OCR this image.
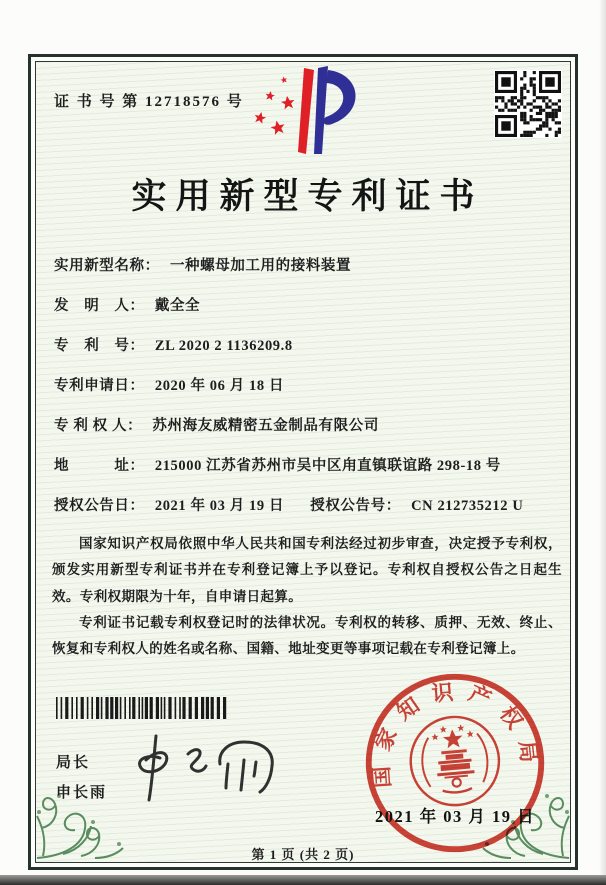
证 书 号 第 12718576 号
实用新型专利证书
实用新型名称： 一种螺母加工用的接料装置
发　明　人： 戴全全
专　利　号： ZL 2020 2 1136209.8
专利申请日： 2020 年 06 月 18 日
专 利 权 人： 苏州海友威精密五金制品有限公司
地　　　址： 215000 江苏省苏州市吴中区甪直镇联谊路 298-18 号
授权公告日： 2021 年 03 月 19 日 授权公告号： CN 212735212 U

国家知识产权局依照中华人民共和国专利法经过初步审查，决定授予专利权，颁发实用新型专利证书并在专利登记簿上予以登记。专利权自授权公告之日起生效。专利权期限为十年，自申请日起算。

专利证书记载专利权登记时的法律状况。专利权的转移、质押、无效、终止、恢复和专利权人的姓名或名称、国籍、地址变更等事项记载在专利登记簿上。

国家知识产权局
2021 年 03 月 19 日
局长
申长雨
第 1 页 (共 2 页)
